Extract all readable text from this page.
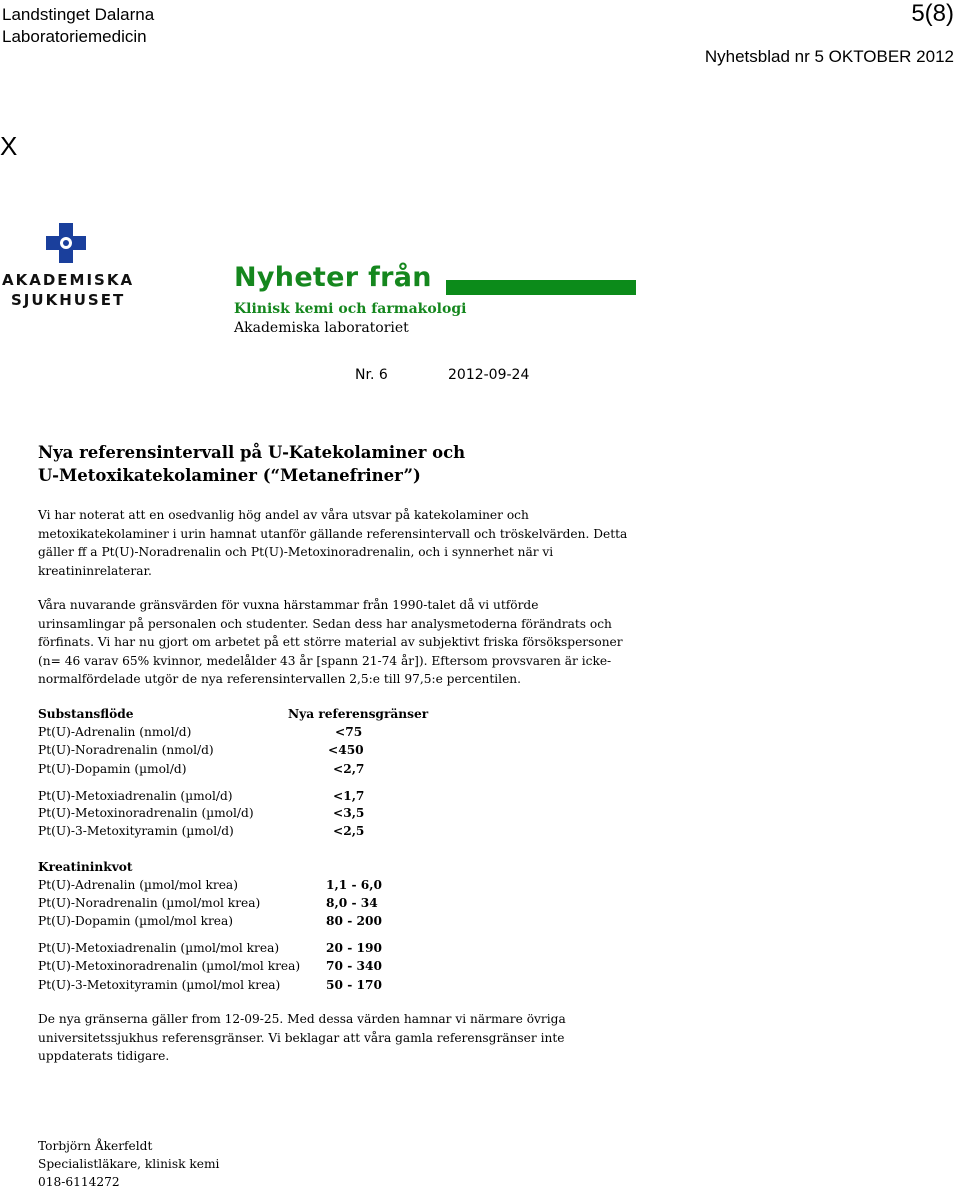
Landstinget Dalarna
Laboratoriemedicin
5(8)
Nyhetsblad nr 5 OKTOBER 2012
X
AKADEMISKA
SJUKHUSET
Nyheter från
Klinisk kemi och farmakologi
Akademiska laboratoriet
Nr. 6	2012-09-24
Nya referensintervall på U-Katekolaminer och
U-Metoxikatekolaminer (“Metanefriner”)
Vi har noterat att en osedvanlig hög andel av våra utsvar på katekolaminer och
metoxikatekolaminer i urin hamnat utanför gällande referensintervall och tröskelvärden. Detta
gäller ff a Pt(U)-Noradrenalin och Pt(U)-Metoxinoradrenalin, och i synnerhet när vi
kreatininrelaterar.
Våra nuvarande gränsvärden för vuxna härstammar från 1990-talet då vi utförde
urinsamlingar på personalen och studenter. Sedan dess har analysmetoderna förändrats och
förfinats. Vi har nu gjort om arbetet på ett större material av subjektivt friska försökspersoner
(n= 46 varav 65% kvinnor, medelålder 43 år [spann 21-74 år]). Eftersom provsvaren är icke-
normalfördelade utgör de nya referensintervallen 2,5:e till 97,5:e percentilen.
Substansflöde	Nya referensgränser
Pt(U)-Adrenalin (nmol/d)	<75
Pt(U)-Noradrenalin (nmol/d)	<450
Pt(U)-Dopamin (µmol/d)	<2,7
Pt(U)-Metoxiadrenalin (µmol/d)	<1,7
Pt(U)-Metoxinoradrenalin (µmol/d)	<3,5
Pt(U)-3-Metoxityramin (µmol/d)	<2,5
Kreatininkvot
Pt(U)-Adrenalin (µmol/mol krea)	1,1 - 6,0
Pt(U)-Noradrenalin (µmol/mol krea)	8,0 - 34
Pt(U)-Dopamin (µmol/mol krea)	80 - 200
Pt(U)-Metoxiadrenalin (µmol/mol krea)	20 - 190
Pt(U)-Metoxinoradrenalin (µmol/mol krea) 70 - 340
Pt(U)-3-Metoxityramin (µmol/mol krea)	50 - 170
De nya gränserna gäller from 12-09-25. Med dessa värden hamnar vi närmare övriga
universitetssjukhus referensgränser. Vi beklagar att våra gamla referensgränser inte
uppdaterats tidigare.
Torbjörn Åkerfeldt
Specialistläkare, klinisk kemi
018-6114272
